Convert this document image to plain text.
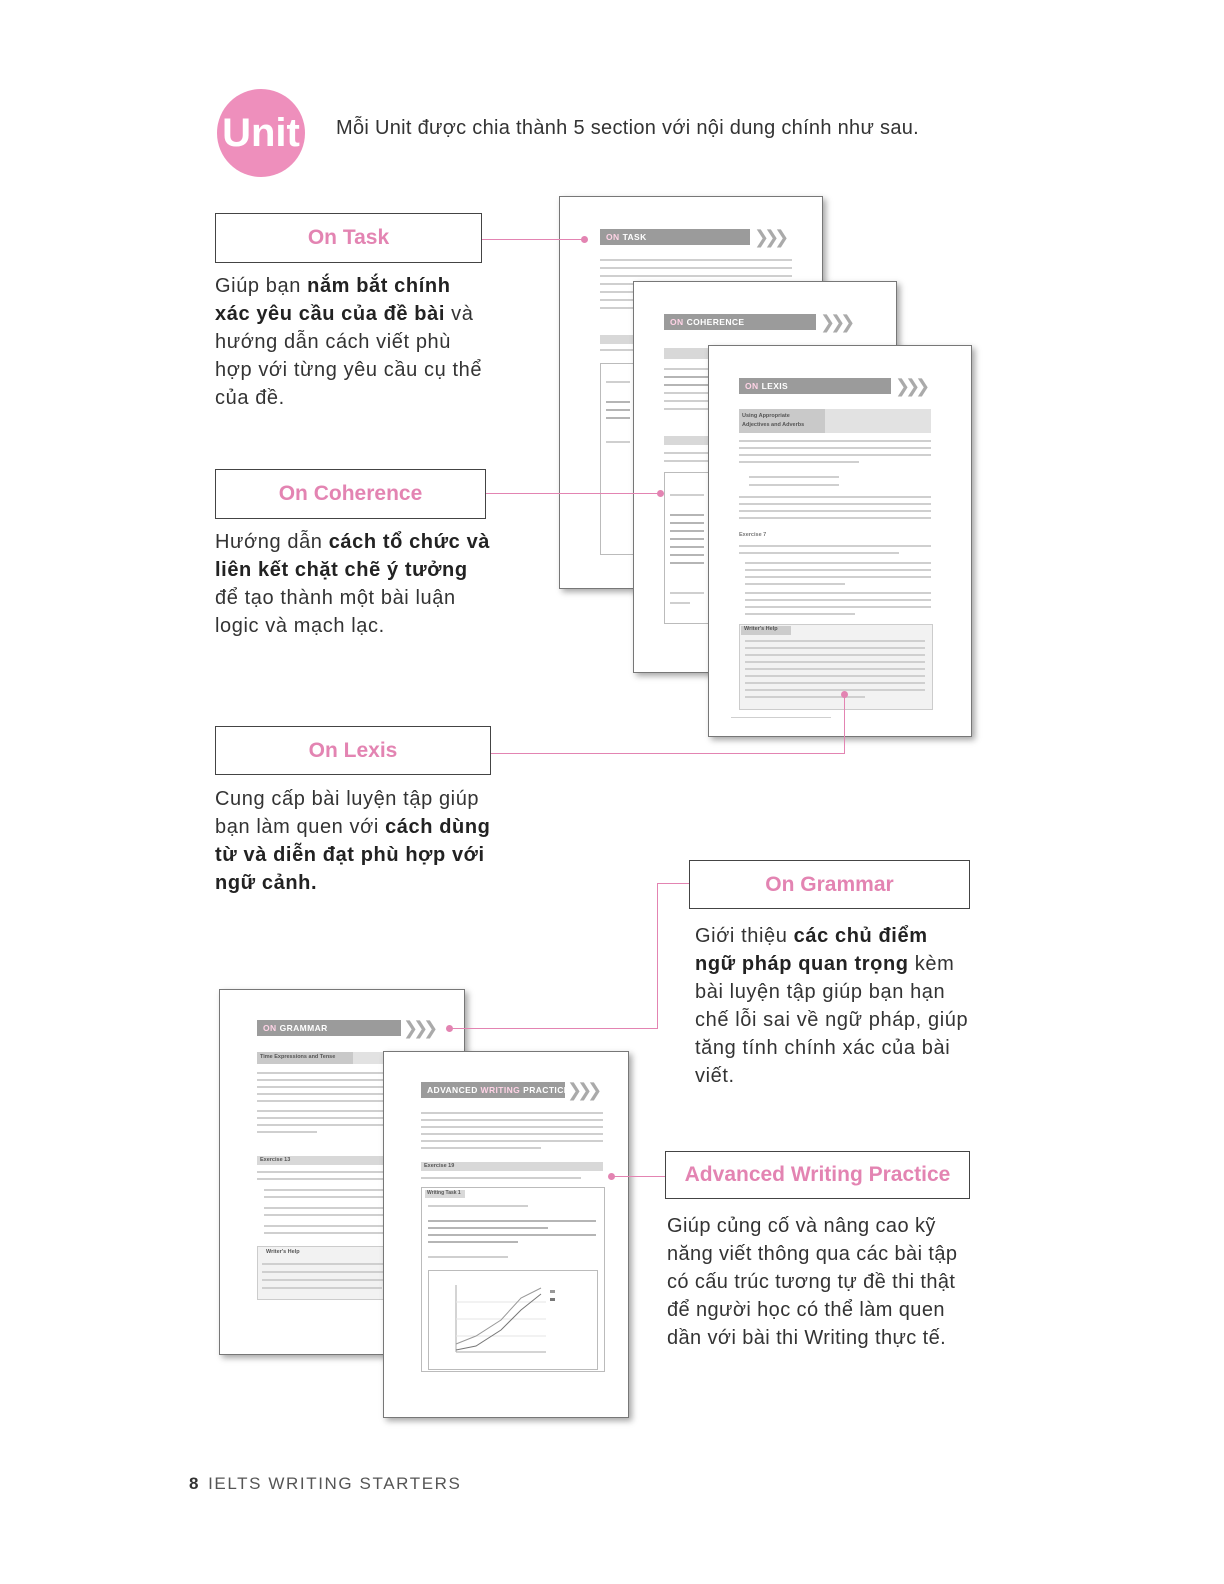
Unit Mỗi Unit được chia thành 5 section với nội dung chính như sau.
ON TASK	❯❯❯
ON COHERENCE	❯❯❯
ON LEXIS	❯❯❯
Using Appropriate
Adjectives and Adverbs
Exercise 7
Writer's Help
ON GRAMMAR	❯❯❯
Time Expressions and Tense
Exercise 13
Writer's Help
ADVANCED
WRITING PRACTICE
❯❯❯
Exercise 19
Writing Task 1
On Task
Giúp bạn nắm bắt chính xác yêu cầu của đề bài và hướng dẫn cách viết phù hợp với từng yêu cầu cụ thể của đề.
On Coherence
Hướng dẫn cách tổ chức và liên kết chặt chẽ ý tưởng để tạo thành một bài luận logic và mạch lạc.
On Lexis
Cung cấp bài luyện tập giúp bạn làm quen với cách dùng từ và diễn đạt phù hợp với ngữ cảnh.	On Grammar
Giới thiệu các chủ điểm ngữ pháp quan trọng kèm bài luyện tập giúp bạn hạn chế lỗi sai về ngữ pháp, giúp tăng tính chính xác của bài viết.
Advanced Writing Practice
Giúp củng cố và nâng cao kỹ năng viết thông qua các bài tập có cấu trúc tương tự đề thi thật để người học có thể làm quen dần với bài thi Writing thực tế.
8 IELTS WRITING STARTERS
